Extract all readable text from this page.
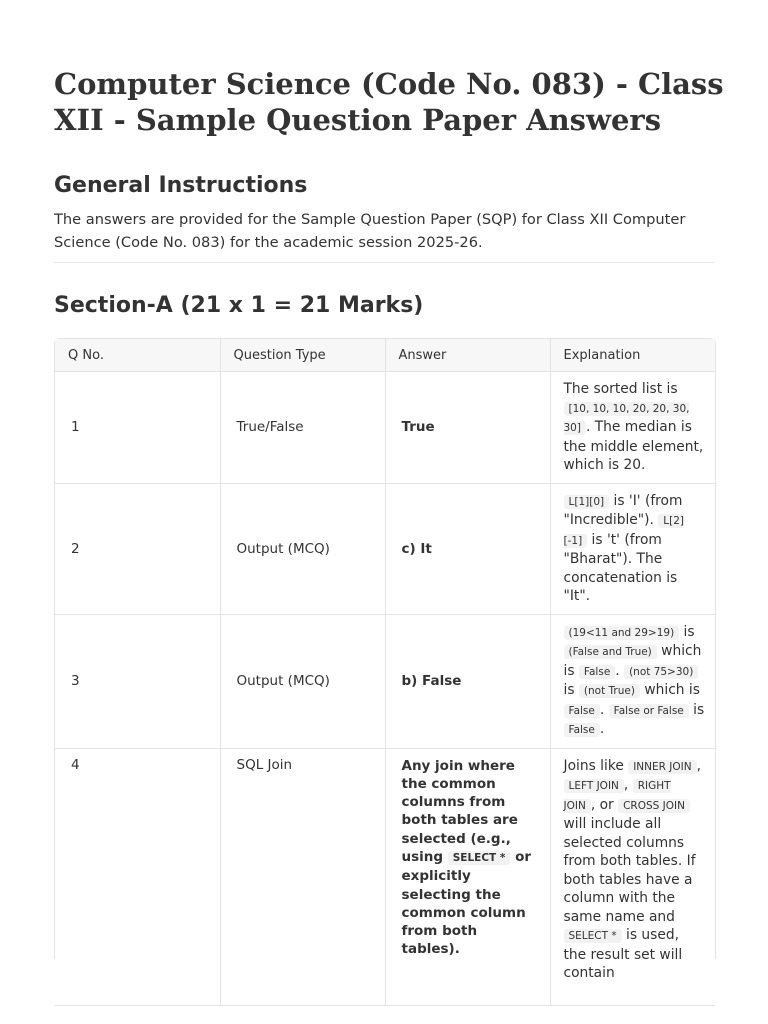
Computer Science (Code No. 083) - Class XII - Sample Question Paper Answers
General Instructions

The answers are provided for the Sample Question Paper (SQP) for Class XII Computer Science (Code No. 083) for the academic session 2025-26.

Section-A (21 x 1 = 21 Marks)
Q No.	Question Type	Answer	Explanation
1	True/False	True	The sorted list is [10, 10, 10, 20, 20, 30, 30] . The median is the middle element, which is 20.
2	Output (MCQ)	c) It	L[1][0] is 'I' (from "Incredible"). L[2][-1] is 't' (from "Bharat"). The concatenation is "It".
3	Output (MCQ)	b) False	(19<11 and 29>19) is (False and True) which is False . (not 75>30) is (not True) which is False . False or False is False .
4	SQL Join	Any join where the common columns from both tables are selected (e.g., using SELECT * or explicitly selecting the common column from both tables).	Joins like INNER JOIN , LEFT JOIN , RIGHT JOIN , or CROSS JOIN will include all selected columns from both tables. If both tables have a column with the same name and SELECT * is used, the result set will contain
